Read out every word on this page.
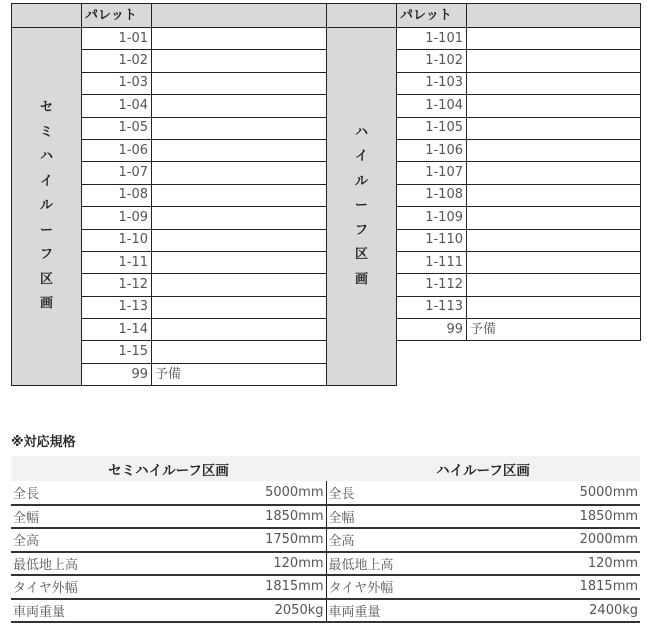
	パレット	

セ
ミ
ハ
イ
ル
ー
フ
区
画
	1-01	
	1-02	
	1-03	
	1-04	
	1-05	
	1-06	
	1-07	
	1-08	
	1-09	
	1-10	
	1-11	
	1-12	
	1-13	
	1-14	
	1-15	
	99	予備
	パレット	

ハ
イ
ル
ー
フ
区
画
	1-101	
	1-102	
	1-103	
	1-104	
	1-105	
	1-106	
	1-107	
	1-108	
	1-109	
	1-110	
	1-111	
	1-112	
	1-113	
	99	予備

※対応規格
セミハイルーフ区画		ハイルーフ区画	
全長	5000mm	全長	5000mm
全幅	1850mm	全幅	1850mm
全高	1750mm	全高	2000mm
最低地上高	120mm	最低地上高	120mm
タイヤ外幅	1815mm	タイヤ外幅	1815mm
車両重量	2050kg	車両重量	2400kg
